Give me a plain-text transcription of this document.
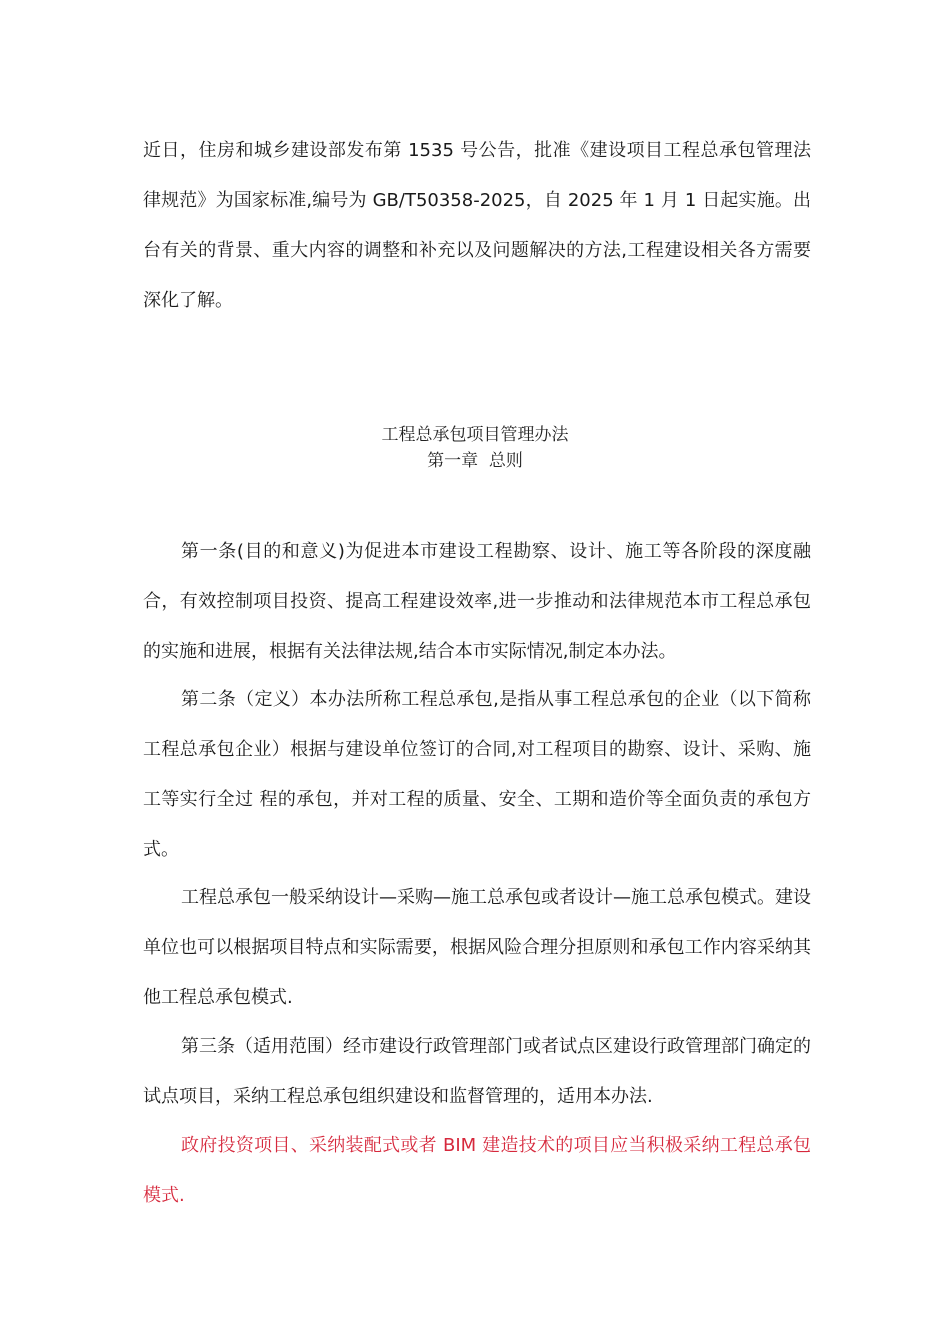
近日，住房和城乡建设部发布第 1535 号公告，批准《建设项目工程总承包管理法律规范》为国家标准,编号为 GB/T50358-2025，自 2025 年 1 月 1 日起实施。出台有关的背景、重大内容的调整和补充以及问题解决的方法,工程建设相关各方需要深化了解。

工程总承包项目管理办法
第一章  总则

第一条(目的和意义)为促进本市建设工程勘察、设计、施工等各阶段的深度融合，有效控制项目投资、提高工程建设效率,进一步推动和法律规范本市工程总承包的实施和进展，根据有关法律法规,结合本市实际情况,制定本办法。

第二条（定义）本办法所称工程总承包,是指从事工程总承包的企业（以下简称工程总承包企业）根据与建设单位签订的合同,对工程项目的勘察、设计、采购、施工等实行全过 程的承包，并对工程的质量、安全、工期和造价等全面负责的承包方式。

工程总承包一般采纳设计—采购—施工总承包或者设计—施工总承包模式。建设单位也可以根据项目特点和实际需要，根据风险合理分担原则和承包工作内容采纳其他工程总承包模式.

第三条（适用范围）经市建设行政管理部门或者试点区建设行政管理部门确定的试点项目，采纳工程总承包组织建设和监督管理的，适用本办法.

政府投资项目、采纳装配式或者 BIM 建造技术的项目应当积极采纳工程总承包模式.
